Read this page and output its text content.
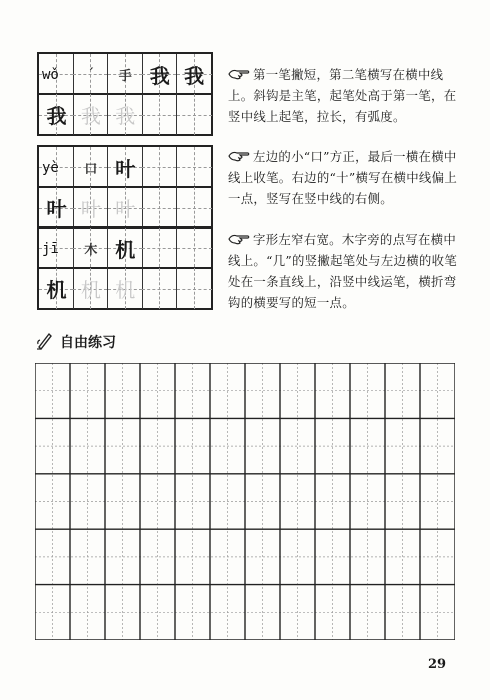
wǒ	ˊ	手 我 我
我 我 我
第一笔撇短，第二笔横写在横中线上。斜钩是主笔，起笔处高于第一笔，在竖中线上起笔，拉长，有弧度。
yè	口 叶
叶 叶 叶
左边的小“口”方正，最后一横在横中线上收笔。右边的“十”横写在横中线偏上一点，竖写在竖中线的右侧。
jī	木 机
机 机 机
字形左窄右宽。木字旁的点写在横中线上。“几”的竖撇起笔处与左边横的收笔处在一条直线上，沿竖中线运笔，横折弯钩的横要写的短一点。
自由练习
29
